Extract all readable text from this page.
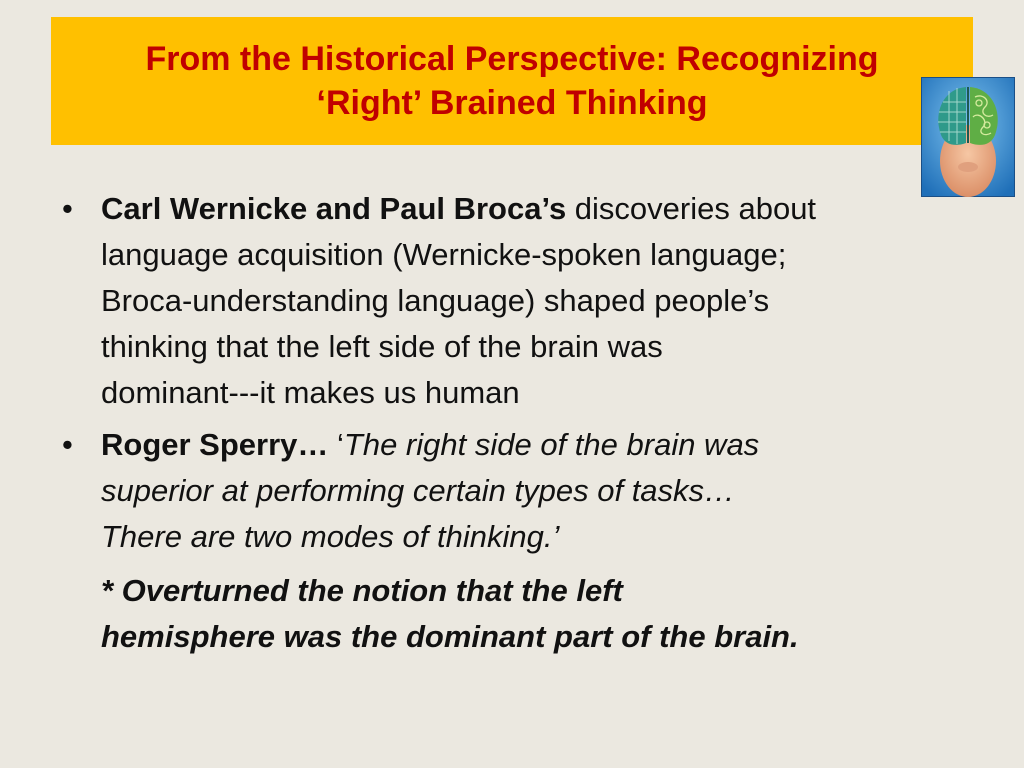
From the Historical Perspective: Recognizing
‘Right’ Brained Thinking
• Carl Wernicke and Paul Broca’s discoveries about
language acquisition (Wernicke-spoken language;
Broca-understanding language) shaped people’s
thinking that the left side of the brain was
dominant---it makes us human
• Roger Sperry… ‘The right side of the brain was
superior at performing certain types of tasks…
There are two modes of thinking.’
* Overturned the notion that the left
hemisphere was the dominant part of the brain.
